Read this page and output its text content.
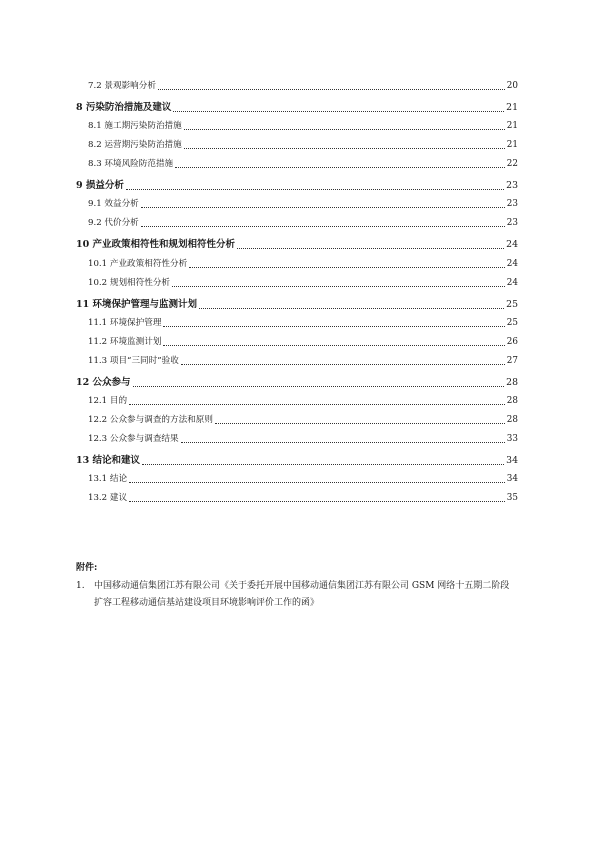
7.2 景观影响分析	20
8 污染防治措施及建议	21
8.1 施工期污染防治措施	21
8.2 运营期污染防治措施	21
8.3 环境风险防范措施	22
9 损益分析	23
9.1 效益分析	23
9.2 代价分析	23
10 产业政策相符性和规划相符性分析	24
10.1 产业政策相符性分析	24
10.2 规划相符性分析	24
11 环境保护管理与监测计划	25
11.1 环境保护管理	25
11.2 环境监测计划	26
11.3 项目“三同时”验收	27
12 公众参与	28
12.1 目的	28
12.2 公众参与调查的方法和原则	28
12.3 公众参与调查结果	33
13 结论和建议	34
13.1 结论	34
13.2 建议	35
附件:
1.	中国移动通信集团江苏有限公司《关于委托开展中国移动通信集团江苏有限公司 GSM 网络十五期二阶段扩容工程移动通信基站建设项目环境影响评价工作的函》
